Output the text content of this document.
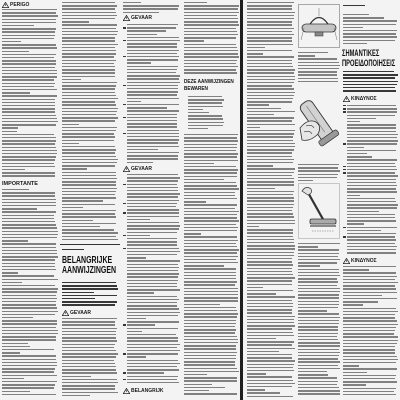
PERIGO
IMPORTANTE
BELANGRIJKE AANWIJZINGEN
GEVAAR
GEVAAR
GEVAAR
BELANGRIJK
DEZE AANWIJZINGEN BEWAREN
ΣΗΜΑΝΤΙΚΕΣ ΠΡΟΕΙΔΟΠΟΙΗΣΕΙΣ
ΚΙΝΔΥΝΟΣ
ΚΙΝΔΥΝΟΣ
